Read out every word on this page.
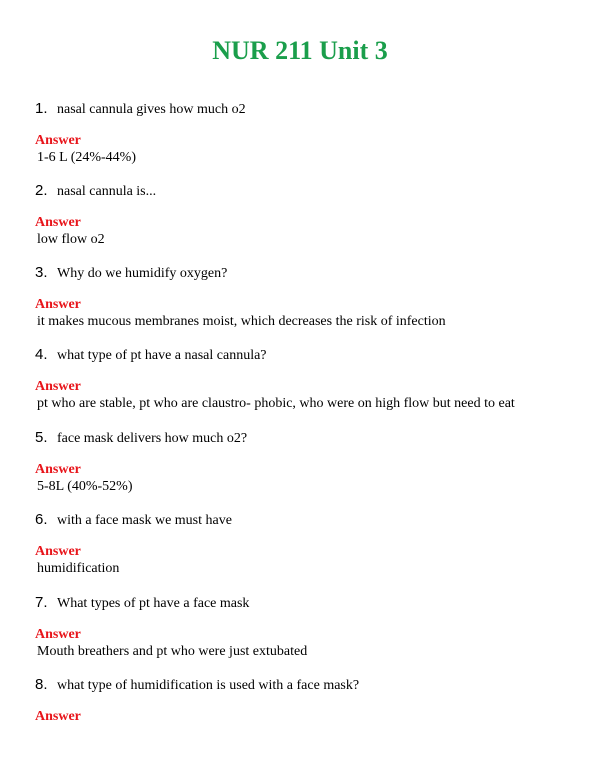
NUR 211 Unit 3
1. nasal cannula gives how much o2
Answer
1-6 L (24%-44%)
2. nasal cannula is...
Answer
low flow o2
3. Why do we humidify oxygen?
Answer
it makes mucous membranes moist, which decreases the risk of infection
4. what type of pt have a nasal cannula?
Answer
pt who are stable, pt who are claustro- phobic, who were on high flow but need to eat
5. face mask delivers how much o2?
Answer
5-8L (40%-52%)
6. with a face mask we must have
Answer
humidification
7. What types of pt have a face mask
Answer
Mouth breathers and pt who were just extubated
8. what type of humidification is used with a face mask?
Answer
